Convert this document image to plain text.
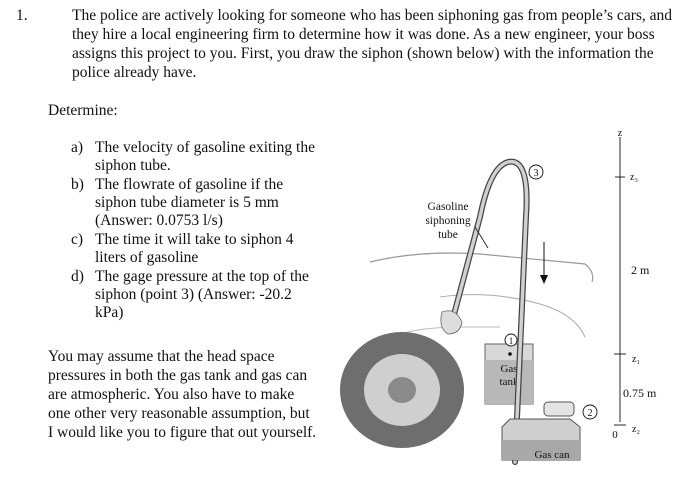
1.	The police are actively looking for someone who has been siphoning gas from people’s cars, and they hire a local engineering firm to determine how it was done. As a new engineer, your boss assigns this project to you. First, you draw the siphon (shown below) with the information the police already have.
Determine:
a) The velocity of gasoline exiting the siphon tube.
b) The flowrate of gasoline if the siphon tube diameter is 5 mm (Answer: 0.0753 l/s)
c) The time it will take to siphon 4 liters of gasoline
d) The gage pressure at the top of the siphon (point 3) (Answer: -20.2 kPa)
You may assume that the head space pressures in both the gas tank and gas can are atmospheric. You also have to make one other very reasonable assumption, but I would like you to figure that out yourself.
Gas
tank
1
3
Gasoline
siphoning
tube
Gas can
2
z
z₃
2 m
z₁
0.75 m
z₂
0
